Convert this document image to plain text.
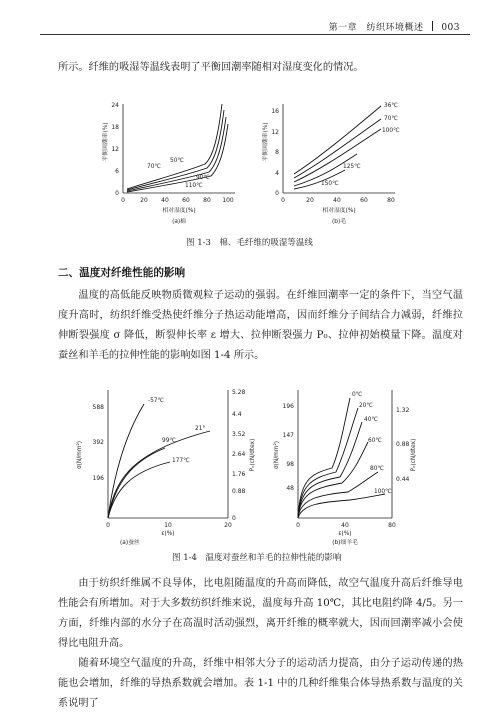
第一章 纺织环境概述 003
所示。纤维的吸湿等温线表明了平衡回潮率随相对湿度变化的情况。
平衡回潮率(%)
0
6
12
18
24
0	20 40 60 80 100
70℃
50℃
90℃
110℃
相对湿度(%)
(a)棉
平衡回潮率(%)
0
4
8
12
16
0	20	40	60	80
36℃
70℃
100℃
125℃
150℃
相对湿度(%)
(b)毛
图 1-3　棉、毛纤维的吸湿等温线
二、温度对纤维性能的影响
温度的高低能反映物质微观粒子运动的强弱。在纤维回潮率一定的条件下，当空气温度升高时，纺织纤维受热使纤维分子热运动能增高，因而纤维分子间结合力减弱，纤维拉伸断裂强度 σ 降低，断裂伸长率 ε 增大、拉伸断裂强力 P₀、拉伸初始模量下降。温度对蚕丝和羊毛的拉伸性能的影响如图 1-4 所示。
σ(N/mm²)	Pₙ(cN/dtex)
588
392
196
0
0.88
1.76
2.64
3.52
4.4
5.28
0	10	20
-57℃
21°
99℃
177℃
ε(%)
(a)蚕丝
σ(N/mm²)	Pₙ(cN/dtex)
48
98
147
196
0.44
0.88
1.32
0	40	80
0℃
20℃
40℃
60℃
80℃
100℃
ε(%)
(b)细羊毛
图 1-4　温度对蚕丝和羊毛的拉伸性能的影响
由于纺织纤维属不良导体，比电阻随温度的升高而降低，故空气温度升高后纤维导电性能会有所增加。对于大多数纺织纤维来说，温度每升高 10℃，其比电阻约降 4/5。另一方面，纤维内部的水分子在高温时活动强烈，离开纤维的概率就大，因而回潮率减小会使得比电阻升高。
随着环境空气温度的升高，纤维中相邻大分子的运动活力提高，由分子运动传递的热能也会增加，纤维的导热系数就会增加。表 1-1 中的几种纤维集合体导热系数与温度的关系说明了
